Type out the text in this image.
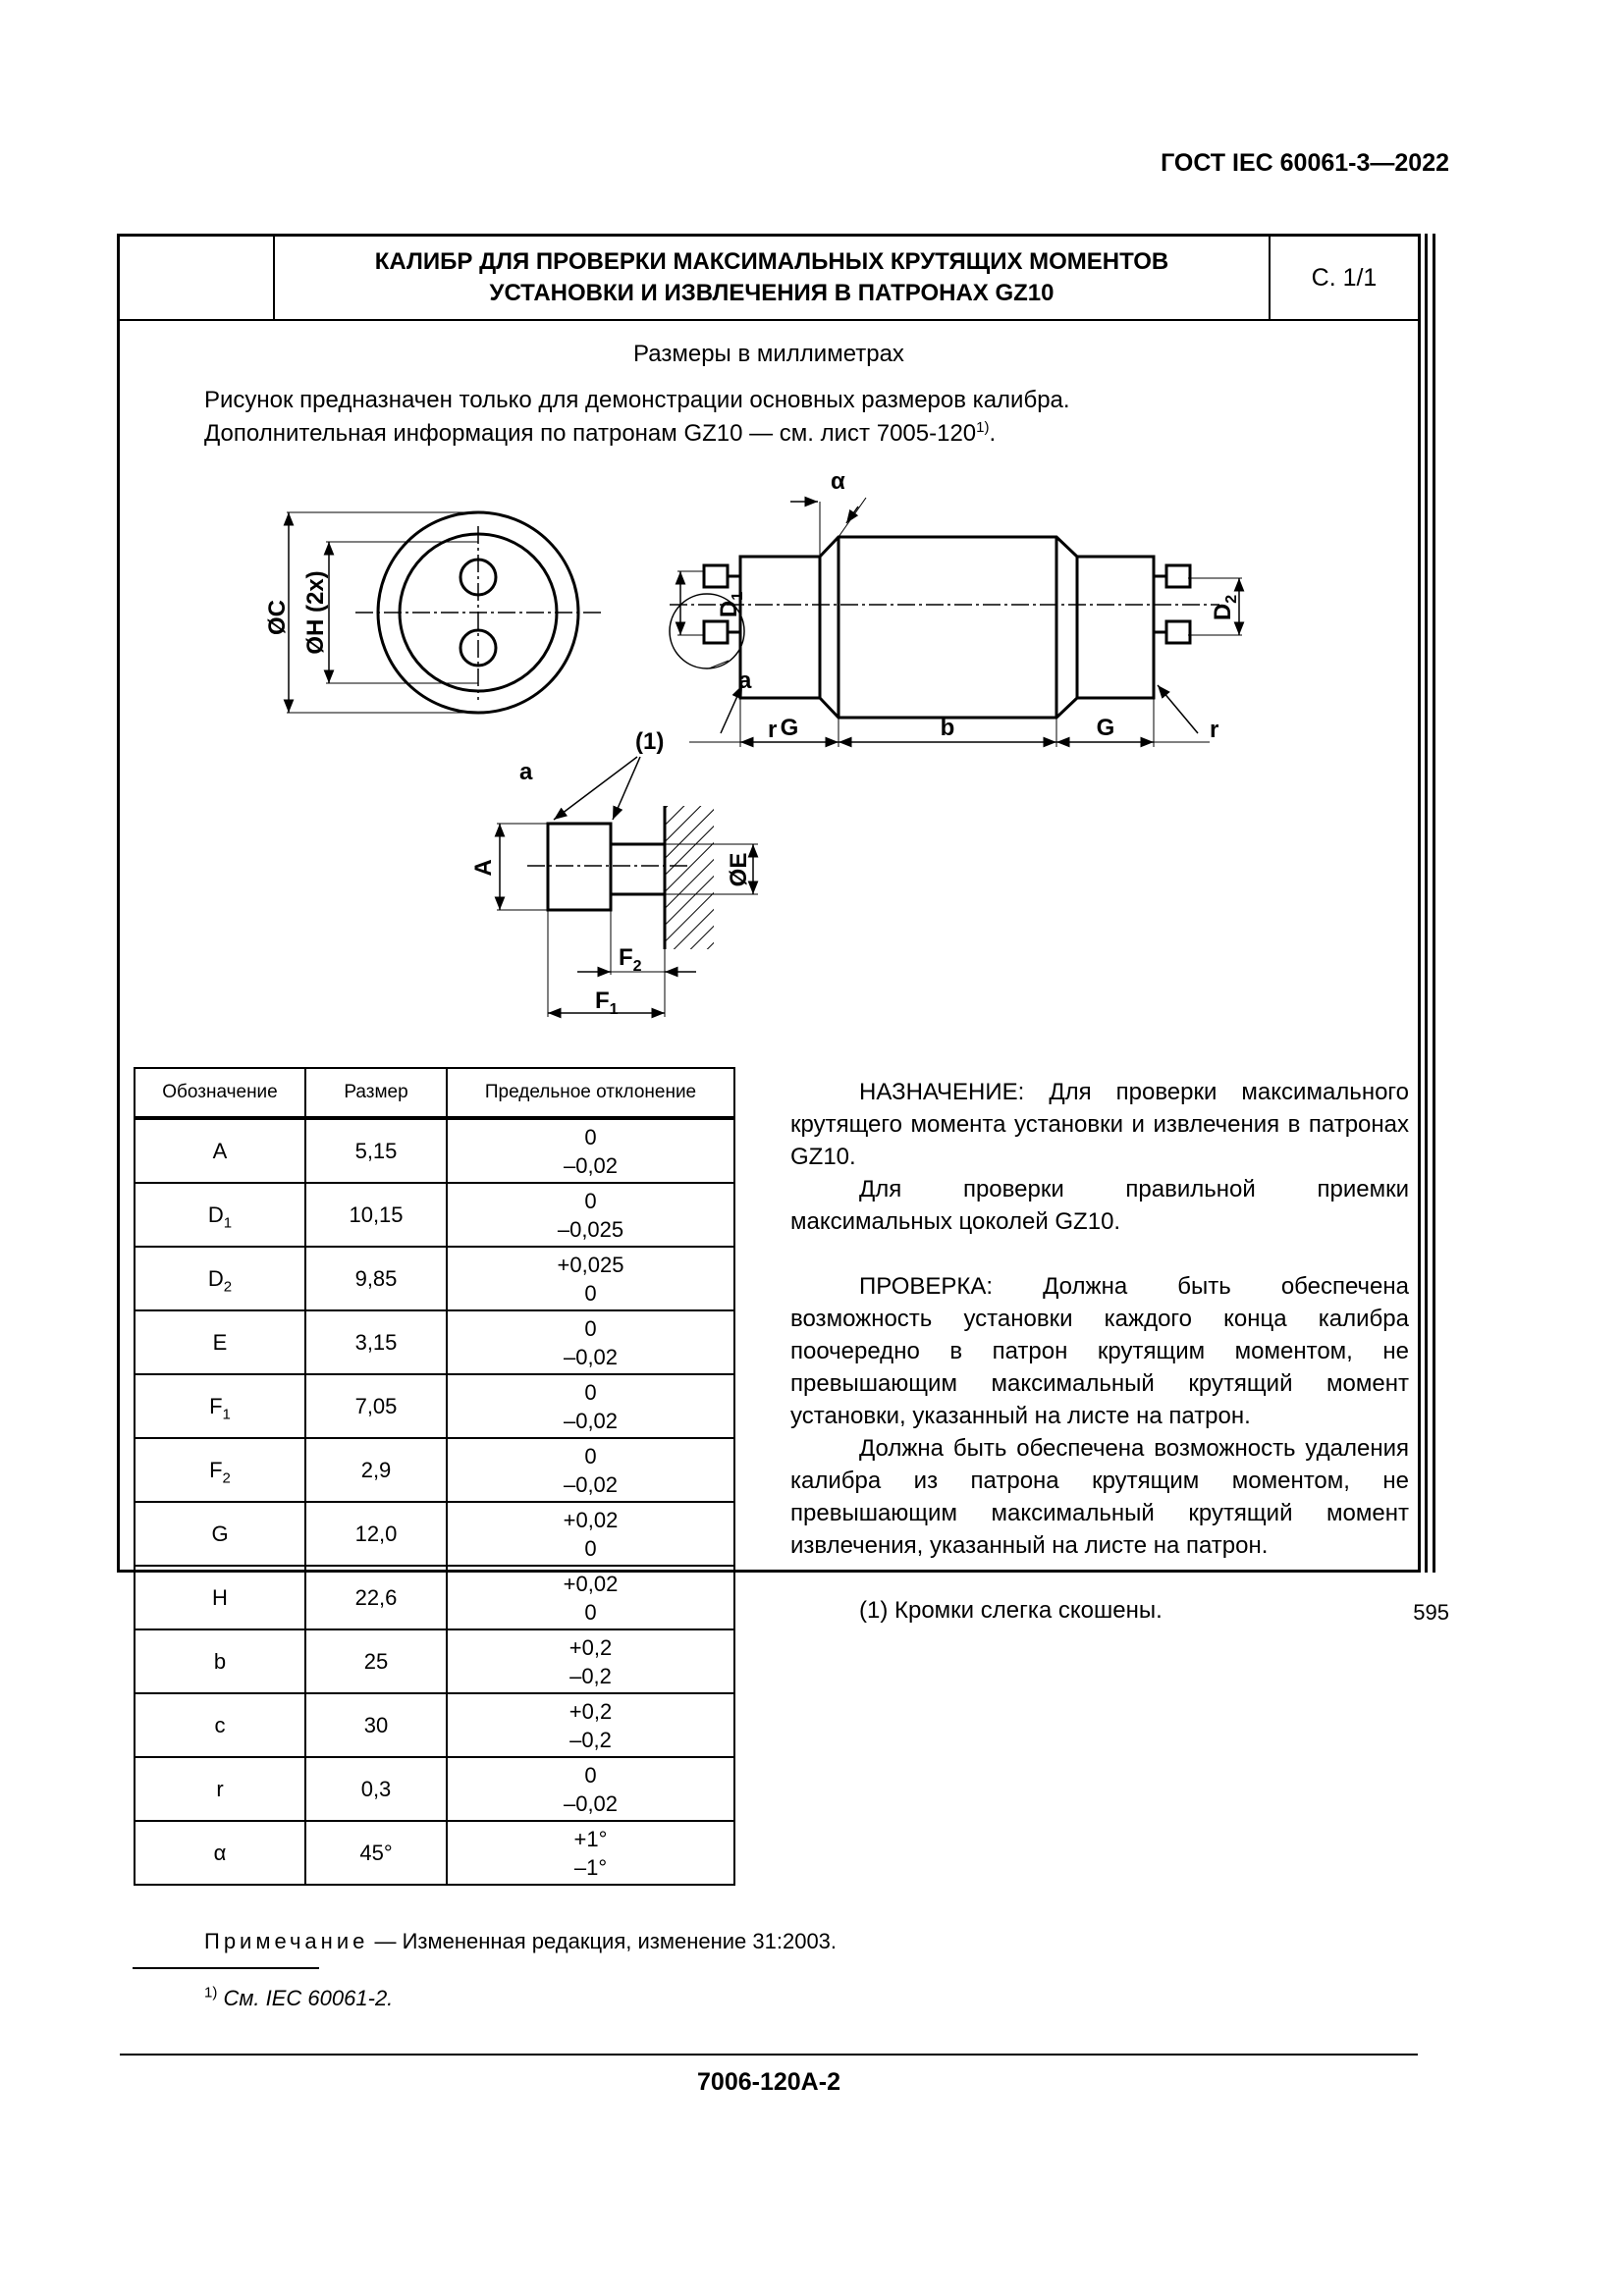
ГОСТ IEC 60061-3—2022
КАЛИБР ДЛЯ ПРОВЕРКИ МАКСИМАЛЬНЫХ КРУТЯЩИХ МОМЕНТОВ
УСТАНОВКИ И ИЗВЛЕЧЕНИЯ В ПАТРОНАХ GZ10
С. 1/1
Размеры в миллиметрах
Рисунок предназначен только для демонстрации основных размеров калибра.
Дополнительная информация по патронам GZ10 — см. лист 7005-120$^{1)}$.
ØC ØH (2x)
α
$D_1$
$D_2$
a
r G	b	G	r
(1)
a
A	ØE
$F_2$
$F_1$
Обозначение	Размер	Предельное отклонение
A	5,15	0
–0,02

$D_1$	10,15	0
–0,025

$D_2$	9,85	+0,025
0

E	3,15	0
–0,02

$F_1$	7,05	0
–0,02

$F_2$	2,9	0
–0,02

G	12,0	+0,02
0

H	22,6	+0,02
0

b	25	+0,2
–0,2

c	30	+0,2
–0,2

r	0,3	0
–0,02

α	45°	+1°
–1°

НАЗНАЧЕНИЕ: Для проверки максимального крутящего момента установки и извлечения в патронах GZ10.

Для проверки правильной приемки максимальных цоколей GZ10.

ПРОВЕРКА: Должна быть обеспечена возможность установки каждого конца калибра поочередно в патрон крутящим моментом, не превышающим максимальный крутящий момент установки, указанный на листе на патрон.

Должна быть обеспечена возможность удаления калибра из патрона крутящим моментом, не превышающим максимальный крутящий момент извлечения, указанный на листе на патрон.

(1) Кромки слегка скошены.

Примечание — Измененная редакция, изменение 31:2003.
$^{1)}$ См. IEC 60061-2.
7006-120A-2
595
